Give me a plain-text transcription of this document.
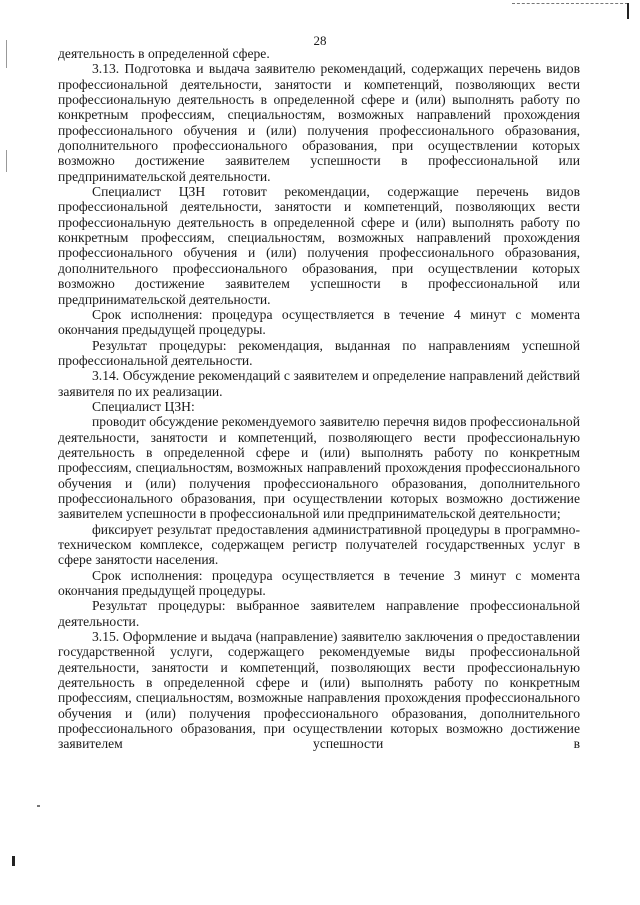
28

деятельность в определенной сфере.

3.13. Подготовка и выдача заявителю рекомендаций, содержащих перечень видов профессиональной деятельности, занятости и компетенций, позволяющих вести профессиональную деятельность в определенной сфере и (или) выполнять работу по конкретным профессиям, специальностям, возможных направлений прохождения профессионального обучения и (или) получения профессионального образования, дополнительного профессионального образования, при осуществлении которых возможно достижение заявителем успешности в профессиональной или предпринимательской деятельности.

Специалист ЦЗН готовит рекомендации, содержащие перечень видов профессиональной деятельности, занятости и компетенций, позволяющих вести профессиональную деятельность в определенной сфере и (или) выполнять работу по конкретным профессиям, специальностям, возможных направлений прохождения профессионального обучения и (или) получения профессионального образования, дополнительного профессионального образования, при осуществлении которых возможно достижение заявителем успешности в профессиональной или предпринимательской деятельности.

Срок исполнения: процедура осуществляется в течение 4 минут с момента окончания предыдущей процедуры.

Результат процедуры: рекомендация, выданная по направлениям успешной профессиональной деятельности.

3.14. Обсуждение рекомендаций с заявителем и определение направлений действий заявителя по их реализации.

Специалист ЦЗН:

проводит обсуждение рекомендуемого заявителю перечня видов профессиональной деятельности, занятости и компетенций, позволяющего вести профессиональную деятельность в определенной сфере и (или) выполнять работу по конкретным профессиям, специальностям, возможных направлений прохождения профессионального обучения и (или) получения профессионального образования, дополнительного профессионального образования, при осуществлении которых возможно достижение заявителем успешности в профессиональной или предпринимательской деятельности;

фиксирует результат предоставления административной процедуры в программно-техническом комплексе, содержащем регистр получателей государственных услуг в сфере занятости населения.

Срок исполнения: процедура осуществляется в течение 3 минут с момента окончания предыдущей процедуры.

Результат процедуры: выбранное заявителем направление профессиональной деятельности.

3.15. Оформление и выдача (направление) заявителю заключения о предоставлении государственной услуги, содержащего рекомендуемые виды профессиональной деятельности, занятости и компетенций, позволяющих вести профессиональную деятельность в определенной сфере и (или) выполнять работу по конкретным профессиям, специальностям, возможные направления прохождения профессионального обучения и (или) получения профессионального образования, дополнительного профессионального образования, при осуществлении которых возможно достижение заявителем успешности в
